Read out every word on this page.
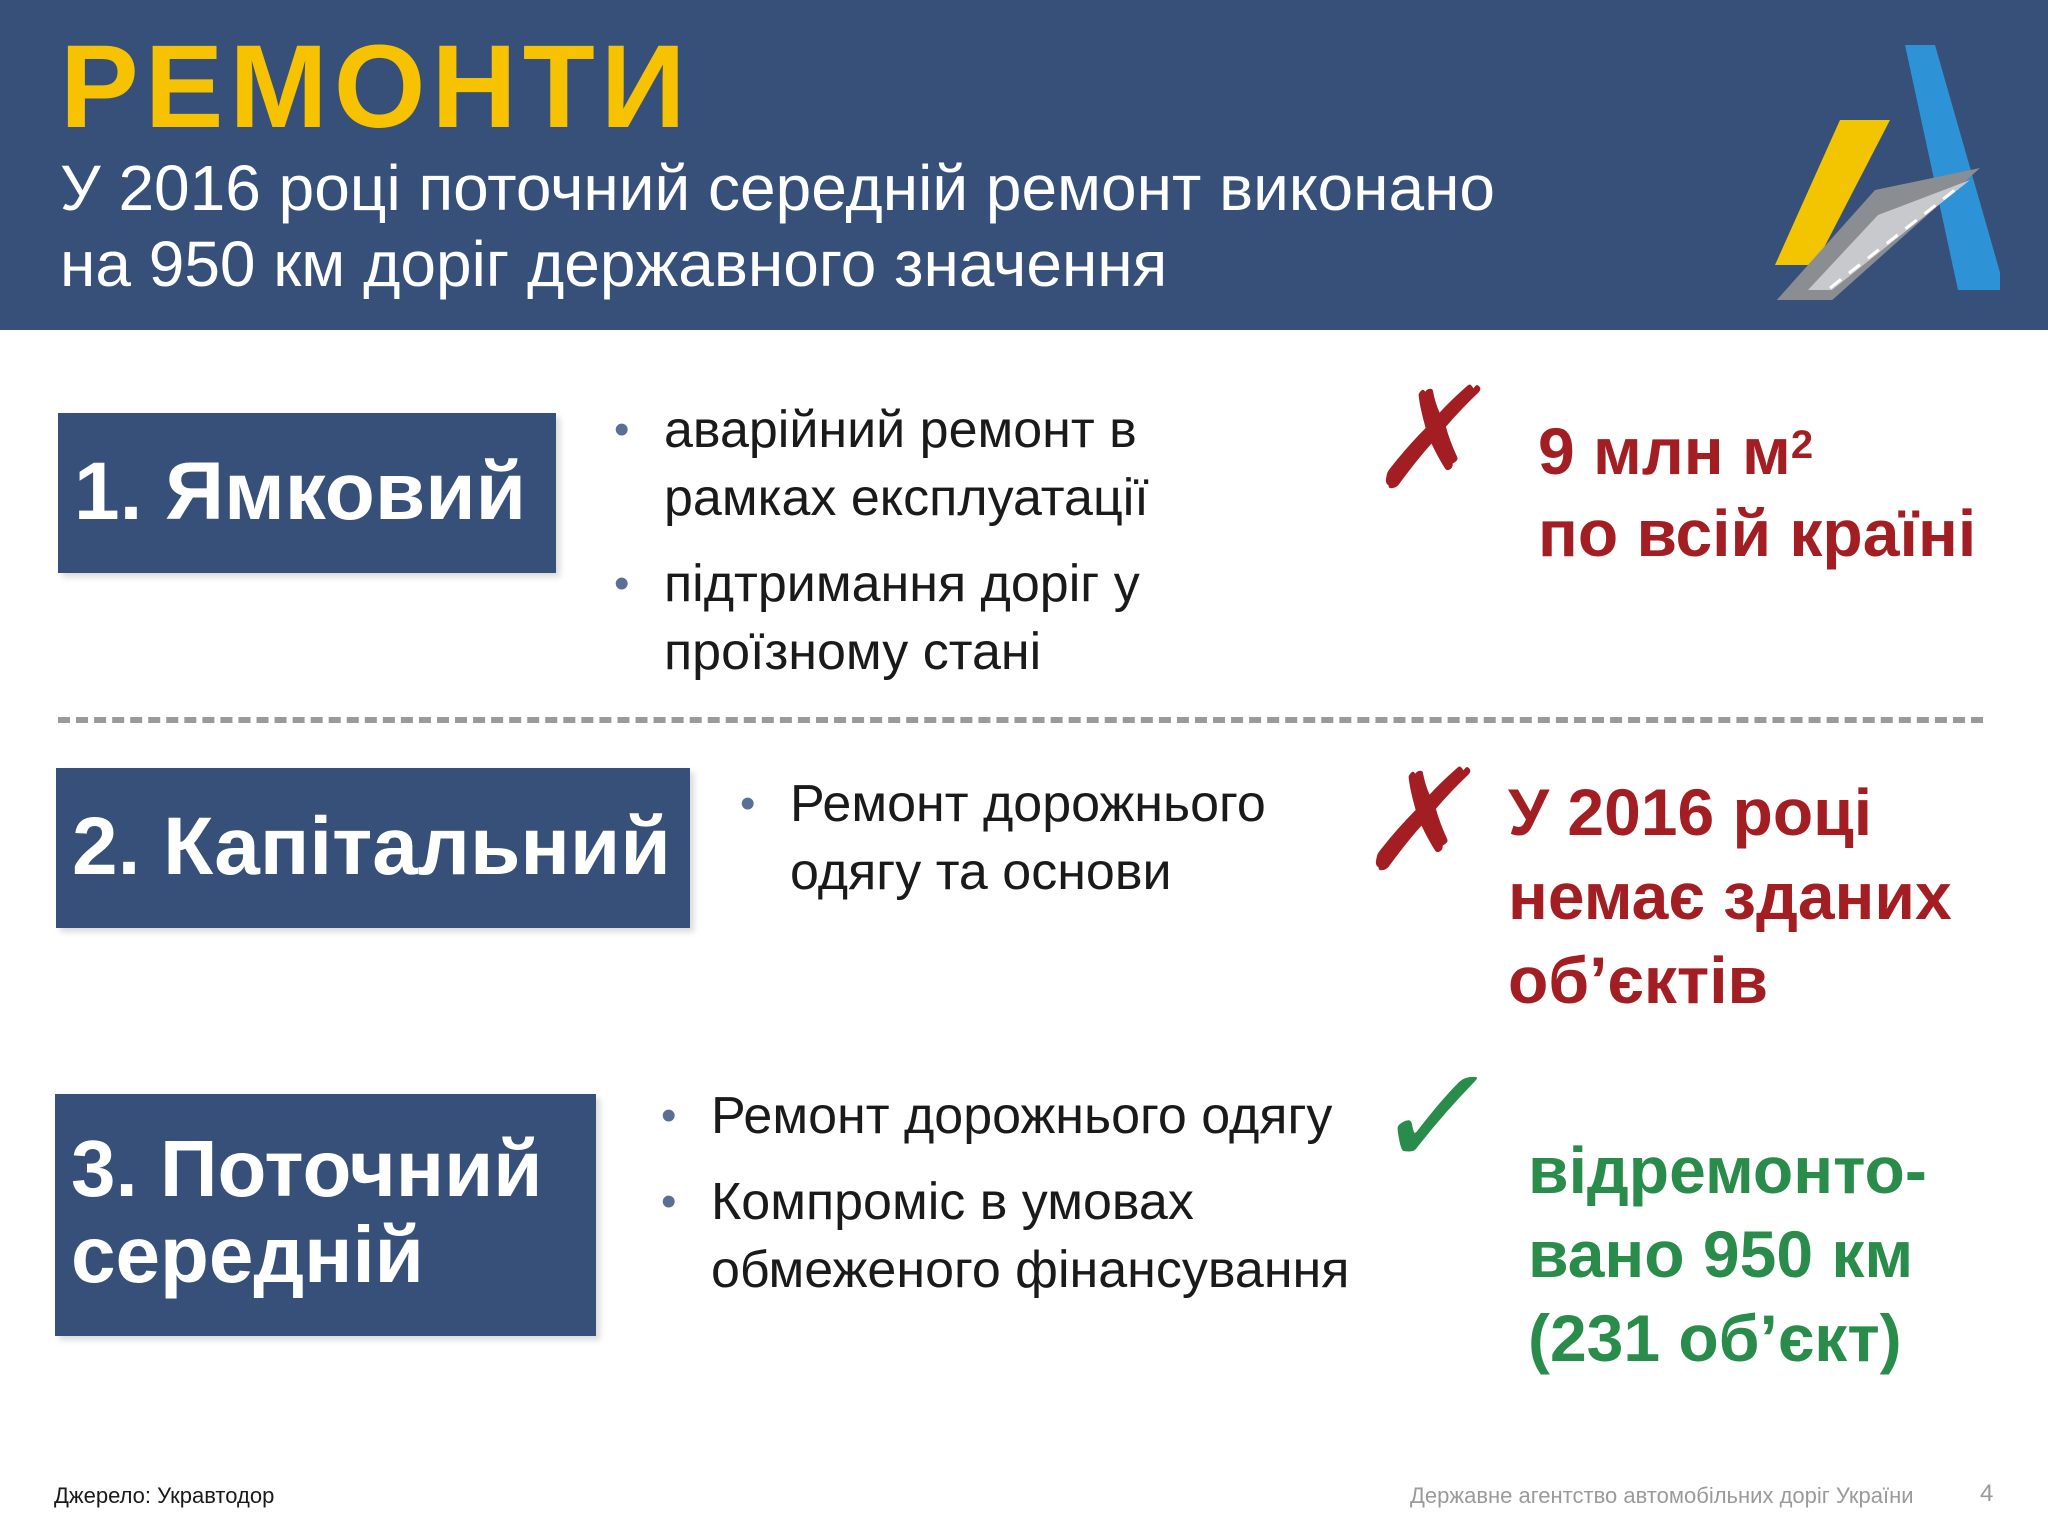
РЕМОНТИ
У 2016 році поточний середній ремонт виконано
на 950 км доріг державного значення
1. Ямковий
• аварійний ремонт в рамках експлуатації
• підтримання доріг у проїзному стані
✗ 9 млн $м^2$
по всій країні
2. Капітальний
•	Ремонт дорожнього одягу та основи	✗ У 2016 році
немає зданих
об’єктів
3. Поточний середній
• Ремонт дорожнього одягу
• Компроміс в умовах обмеженого фінансування
✓ відремонто-
вано 950 км
(231 об’єкт)
Джерело: Укравтодор	Державне агентство автомобільних доріг України	4
